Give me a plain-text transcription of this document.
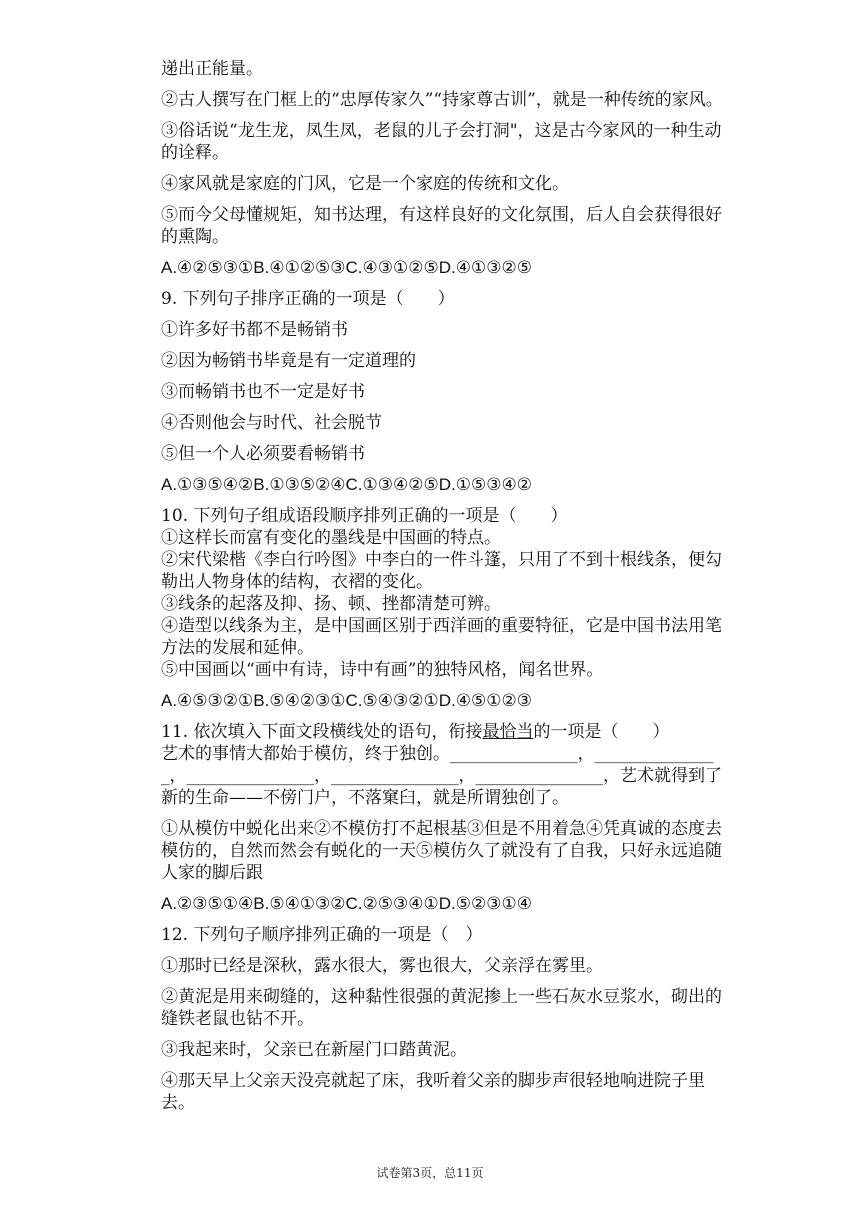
递出正能量。
②古人撰写在门框上的“忠厚传家久”“持家尊古训”，就是一种传统的家风。
③俗话说“龙生龙，凤生凤，老鼠的儿子会打洞"，这是古今家风的一种生动的诠释。
④家风就是家庭的门风，它是一个家庭的传统和文化。
⑤而今父母懂规矩，知书达理，有这样良好的文化氛围，后人自会获得很好的熏陶。
A.④②⑤③①B.④①②⑤③C.④③①②⑤D.④①③②⑤
9. 下列句子排序正确的一项是（　　）
①许多好书都不是畅销书
②因为畅销书毕竟是有一定道理的
③而畅销书也不一定是好书
④否则他会与时代、社会脱节
⑤但一个人必须要看畅销书
A.①③⑤④②B.①③⑤②④C.①③④②⑤D.①⑤③④②
10. 下列句子组成语段顺序排列正确的一项是（　　）
①这样长而富有变化的墨线是中国画的特点。
②宋代梁楷《李白行吟图》中李白的一件斗篷，只用了不到十根线条，便勾勒出人物身体的结构，衣褶的变化。
③线条的起落及抑、扬、顿、挫都清楚可辨。
④造型以线条为主，是中国画区别于西洋画的重要特征，它是中国书法用笔方法的发展和延伸。
⑤中国画以“画中有诗，诗中有画”的独特风格，闻名世界。
A.④⑤③②①B.⑤④②③①C.⑤④③②①D.④⑤①②③
11. 依次填入下面文段横线处的语句，衔接最恰当的一项是（　　）
艺术的事情大都始于模仿，终于独创。_______________，_______________，_______________，_______________，_______________，艺术就得到了新的生命——不傍门户，不落窠臼，就是所谓独创了。
①从模仿中蜕化出来②不模仿打不起根基③但是不用着急④凭真诚的态度去模仿的，自然而然会有蜕化的一天⑤模仿久了就没有了自我，只好永远追随人家的脚后跟
A.②③⑤①④B.⑤④①③②C.②⑤③④①D.⑤②③①④
12. 下列句子顺序排列正确的一项是（　）
①那时已经是深秋，露水很大，雾也很大，父亲浮在雾里。
②黄泥是用来砌缝的，这种黏性很强的黄泥掺上一些石灰水豆浆水，砌出的缝铁老鼠也钻不开。
③我起来时，父亲已在新屋门口踏黄泥。
④那天早上父亲天没亮就起了床，我听着父亲的脚步声很轻地响进院子里去。
试卷第3页，总11页
